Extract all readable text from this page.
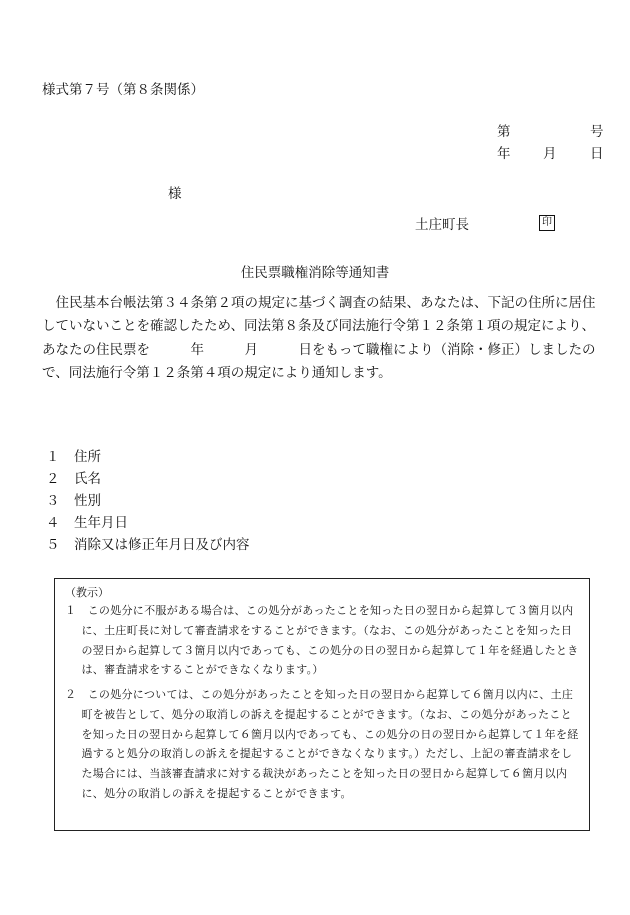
様式第７号（第８条関係）
第	号
年 月 日
様
土庄町長	印
住民票職権消除等通知書
住民基本台帳法第３４条第２項の規定に基づく調査の結果、あなたは、下記の住所に居住していないことを確認したため、同法第８条及び同法施行令第１２条第１項の規定により、あなたの住民票を　　　年　　　月　　　日をもって職権により（消除・修正）しましたので、同法施行令第１２条第４項の規定により通知します。
１ 住所
２ 氏名
３ 性別
４ 生年月日
５ 消除又は修正年月日及び内容
（教示）
１　この処分に不服がある場合は、この処分があったことを知った日の翌日から起算して３箇月以内に、土庄町長に対して審査請求をすることができます。（なお、この処分があったことを知った日の翌日から起算して３箇月以内であっても、この処分の日の翌日から起算して１年を経過したときは、審査請求をすることができなくなります。）
２　この処分については、この処分があったことを知った日の翌日から起算して６箇月以内に、土庄町を被告として、処分の取消しの訴えを提起することができます。（なお、この処分があったことを知った日の翌日から起算して６箇月以内であっても、この処分の日の翌日から起算して１年を経過すると処分の取消しの訴えを提起することができなくなります。）ただし、上記の審査請求をした場合には、当該審査請求に対する裁決があったことを知った日の翌日から起算して６箇月以内に、処分の取消しの訴えを提起することができます。
